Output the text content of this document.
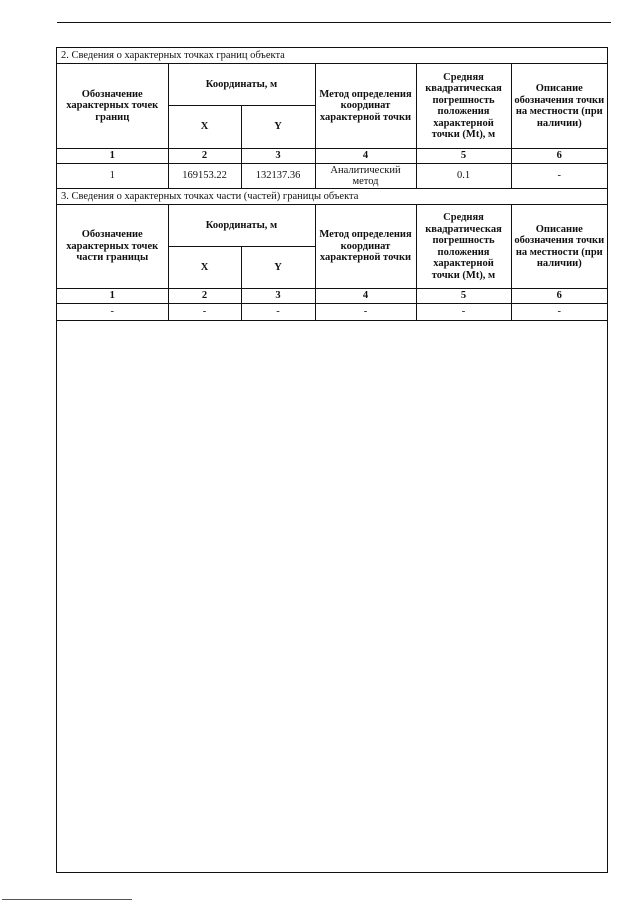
2. Сведения о характерных точках границ объекта					
Обозначение характерных точек границ	Координаты, м		Метод определения координат характерной точки	Средняя квадратическая погрешность положения характерной точки (Mt), м	Описание обозначения точки на местности (при наличии)
	X	Y			
1	2	3	4	5	6
1	169153.22	132137.36	Аналитический метод	0.1	-
3. Сведения о характерных точках части (частей) границы объекта					
Обозначение характерных точек части границы	Координаты, м		Метод определения координат характерной точки	Средняя квадратическая погрешность положения характерной точки (Mt), м	Описание обозначения точки на местности (при наличии)
	X	Y			
1	2	3	4	5	6
-	-	-	-	-	-
